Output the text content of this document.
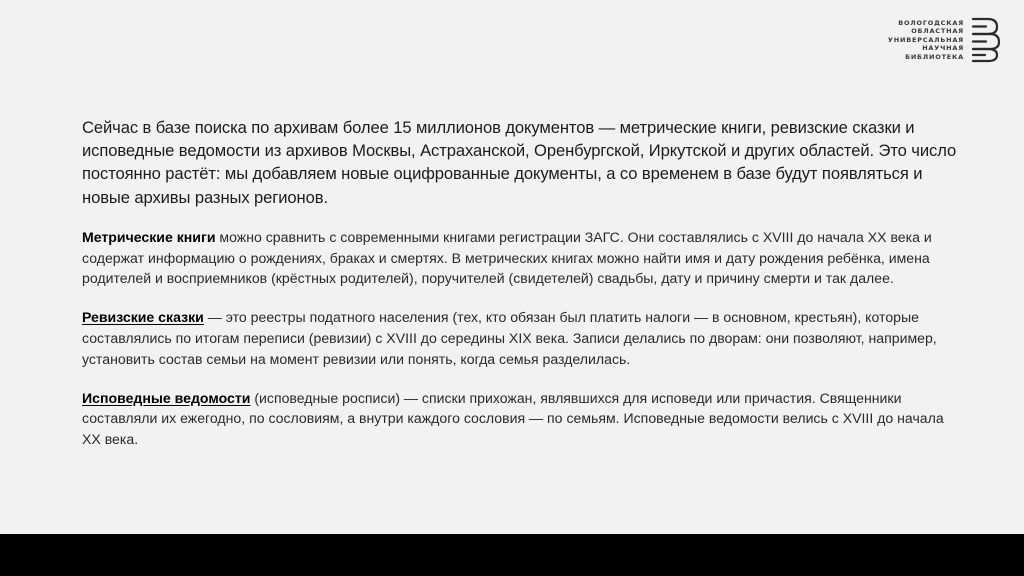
ВОЛОГОДСКАЯ
ОБЛАСТНАЯ
УНИВЕРСАЛЬНАЯ
НАУЧНАЯ
БИБЛИОТЕКА

Сейчас в базе поиска по архивам более 15 миллионов документов — метрические книги, ревизские сказки и исповедные ведомости из архивов Москвы, Астраханской, Оренбургской, Иркутской и других областей. Это число постоянно растёт: мы добавляем новые оцифрованные документы, а со временем в базе будут появляться и новые архивы разных регионов.

Метрические книги можно сравнить с современными книгами регистрации ЗАГС. Они составлялись с XVIII до начала XX века и содержат информацию о рождениях, браках и смертях. В метрических книгах можно найти имя и дату рождения ребёнка, имена родителей и восприемников (крёстных родителей), поручителей (свидетелей) свадьбы, дату и причину смерти и так далее.

Ревизские сказки — это реестры податного населения (тех, кто обязан был платить налоги — в основном, крестьян), которые составлялись по итогам переписи (ревизии) с XVIII до середины XIX века. Записи делались по дворам: они позволяют, например, установить состав семьи на момент ревизии или понять, когда семья разделилась.

Исповедные ведомости (исповедные росписи) — списки прихожан, являвшихся для исповеди или причастия. Священники составляли их ежегодно, по сословиям, а внутри каждого сословия — по семьям. Исповедные ведомости велись с XVIII до начала XX века.
